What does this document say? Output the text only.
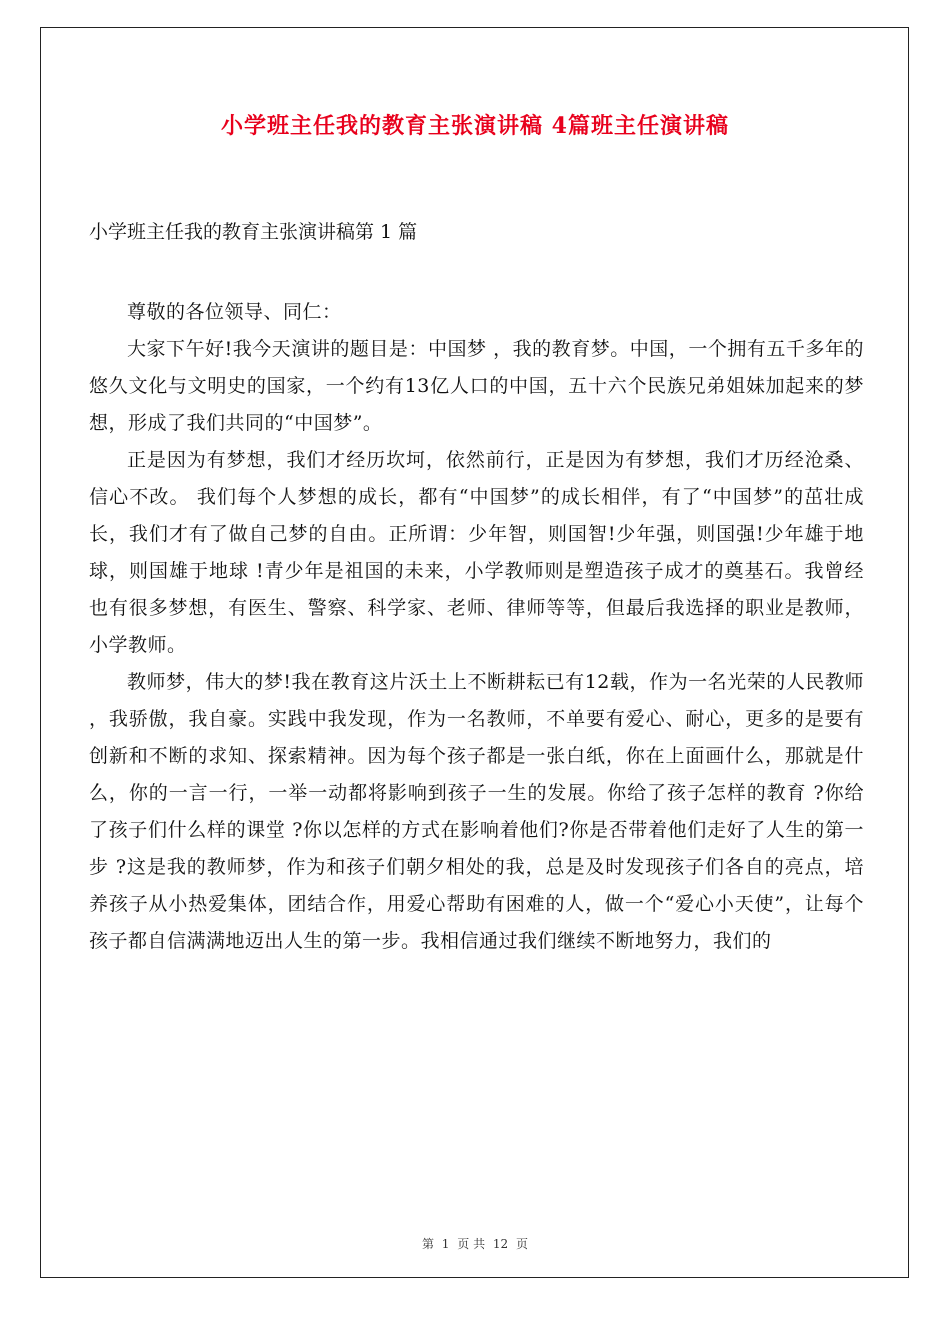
小学班主任我的教育主张演讲稿 4篇班主任演讲稿

小学班主任我的教育主张演讲稿第 1 篇

尊敬的各位领导、同仁：

大家下午好!我今天演讲的题目是：中国梦 ，我的教育梦。中国，一个拥有五千多年的悠久文化与文明史的国家，一个约有13亿人口的中国，五十六个民族兄弟姐妹加起来的梦想，形成了我们共同的“中国梦”。

正是因为有梦想，我们才经历坎坷，依然前行，正是因为有梦想，我们才历经沧桑、信心不改。 我们每个人梦想的成长，都有“中国梦”的成长相伴，有了“中国梦”的茁壮成长，我们才有了做自己梦的自由。正所谓：少年智，则国智!少年强，则国强!少年雄于地球，则国雄于地球 !青少年是祖国的未来，小学教师则是塑造孩子成才的奠基石。我曾经也有很多梦想，有医生、警察、科学家、老师、律师等等，但最后我选择的职业是教师，小学教师。

教师梦，伟大的梦!我在教育这片沃土上不断耕耘已有12载，作为一名光荣的人民教师 ，我骄傲，我自豪。实践中我发现，作为一名教师，不单要有爱心、耐心，更多的是要有创新和不断的求知、探索精神。因为每个孩子都是一张白纸，你在上面画什么，那就是什么，你的一言一行，一举一动都将影响到孩子一生的发展。你给了孩子怎样的教育 ?你给了孩子们什么样的课堂 ?你以怎样的方式在影响着他们?你是否带着他们走好了人生的第一步 ?这是我的教师梦，作为和孩子们朝夕相处的我，总是及时发现孩子们各自的亮点，培养孩子从小热爱集体，团结合作，用爱心帮助有困难的人，做一个“爱心小天使”，让每个孩子都自信满满地迈出人生的第一步。我相信通过我们继续不断地努力，我们的

第 1 页 共 12 页
